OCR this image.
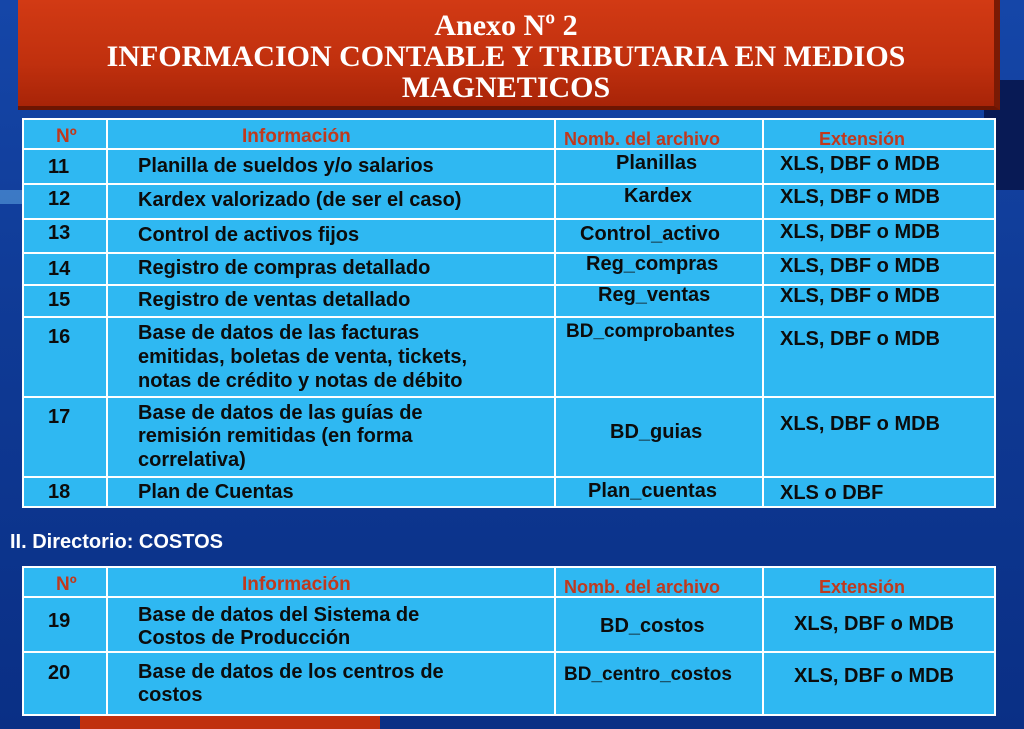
Anexo Nº 2
INFORMACION CONTABLE Y TRIBUTARIA EN MEDIOS
MAGNETICOS
Nº	Información	Nomb. del archivo	Extensión
11	Planilla de sueldos y/o salarios	Planillas	XLS, DBF o MDB
12	Kardex valorizado (de ser el caso)	Kardex	XLS, DBF o MDB
13	Control de activos fijos	Control_activo	XLS, DBF o MDB
14	Registro de compras detallado	Reg_compras	XLS, DBF o MDB
15	Registro de ventas detallado	Reg_ventas	XLS, DBF o MDB
16	Base de datos de las facturas
emitidas, boletas de venta, tickets,
notas de crédito y notas de débito
BD_comprobantes XLS, DBF o MDB
17	Base de datos de las guías de
remisión remitidas (en forma
correlativa)
BD_guias	XLS, DBF o MDB
18	Plan de Cuentas	Plan_cuentas	XLS o DBF
II. Directorio: COSTOS
Nº	Información	Nomb. del archivo	Extensión
19	Base de datos del Sistema de
Costos de Producción
BD_costos	XLS, DBF o MDB
20	Base de datos de los centros de
costos
BD_centro_costos	XLS, DBF o MDB
